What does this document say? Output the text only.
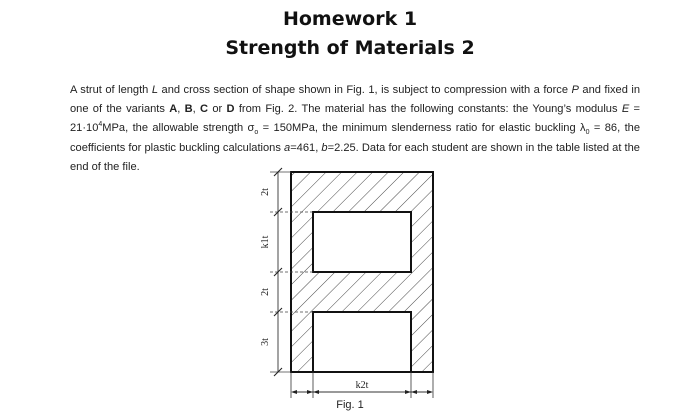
Homework 1
Strength of Materials 2
A strut of length L and cross section of shape shown in Fig. 1, is subject to compression with a force P and fixed in one of the variants A, B, C or D from Fig. 2. The material has the following constants: the Young’s modulus $E = 21\cdot 10^4MPa$, the allowable strength $\sigma_o = 150MPa$, the minimum slenderness ratio for elastic buckling $\lambda_0 = 86$, the coefficients for plastic buckling calculations a=461, b=2.25. Data for each student are shown in the table listed at the end of the file.
2t
k1t
2t
3t
k2t
Fig. 1
